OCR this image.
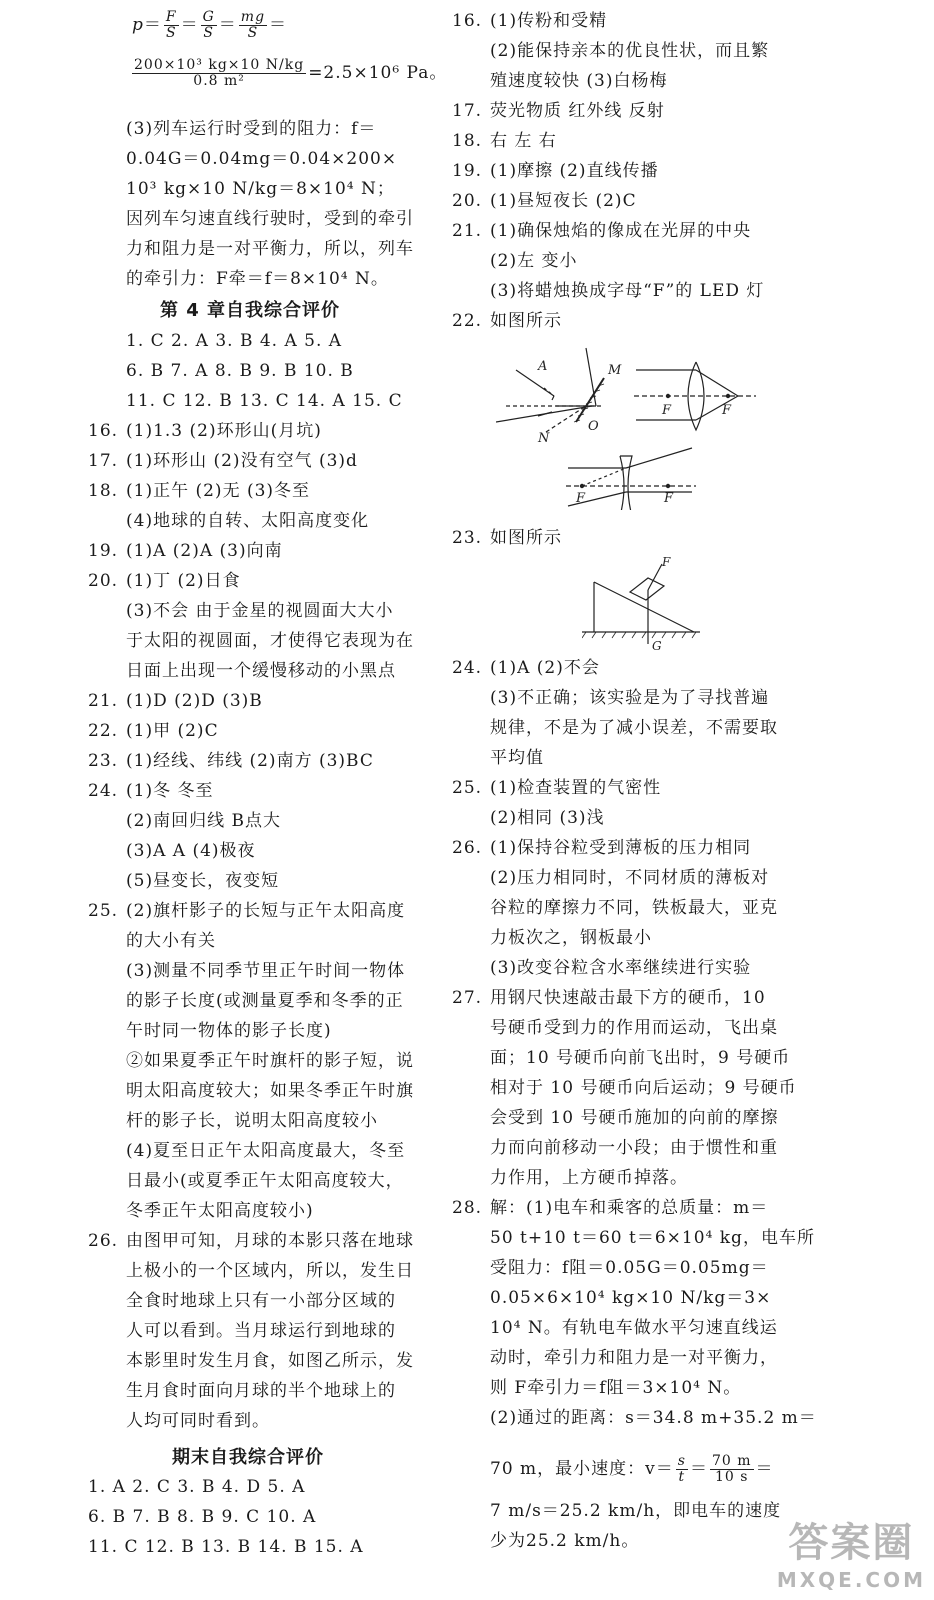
$p= \frac{F}{S} = \frac{G}{S} = \frac{mg}{S}$ ＝
$\frac{\text{200×10³ kg×10 N/kg}}{\text{0.8 m²}} =2.5\times 10^6$ Pa。
(3)列车运行时受到的阻力：f＝
0.04G＝0.04mg＝0.04×200×
10³ kg×10 N/kg＝8×10⁴ N；
因列车匀速直线行驶时，受到的牵引
力和阻力是一对平衡力，所以，列车
的牵引力：F牵＝f＝8×10⁴ N。
第 4 章自我综合评价
1. C 2. A 3. B 4. A 5. A
6. B 7. A 8. B 9. B 10. B
11. C 12. B 13. C 14. A 15. C
16. (1)1.3 (2)环形山(月坑)
17. (1)环形山 (2)没有空气 (3)d
18. (1)正午 (2)无 (3)冬至
(4)地球的自转、太阳高度变化
19. (1)A (2)A (3)向南
20. (1)丁 (2)日食
(3)不会 由于金星的视圆面大大小
于太阳的视圆面，才使得它表现为在
日面上出现一个缓慢移动的小黑点
21. (1)D (2)D (3)B
22. (1)甲 (2)C
23. (1)经线、纬线 (2)南方 (3)BC
24. (1)冬 冬至
(2)南回归线 B点大
(3)A A (4)极夜
(5)昼变长，夜变短
25. (2)旗杆影子的长短与正午太阳高度
的大小有关
(3)测量不同季节里正午时间一物体
的影子长度(或测量夏季和冬季的正
午时同一物体的影子长度)
②如果夏季正午时旗杆的影子短，说
明太阳高度较大；如果冬季正午时旗
杆的影子长，说明太阳高度较小
(4)夏至日正午太阳高度最大，冬至
日最小(或夏季正午太阳高度较大，
冬季正午太阳高度较小)
26. 由图甲可知，月球的本影只落在地球
上极小的一个区域内，所以，发生日
全食时地球上只有一小部分区域的
人可以看到。当月球运行到地球的
本影里时发生月食，如图乙所示，发
生月食时面向月球的半个地球上的
人均可同时看到。
期末自我综合评价
1. A 2. C 3. B 4. D 5. A
6. B 7. B 8. B 9. C 10. A
11. C 12. B 13. B 14. B 15. A
16. (1)传粉和受精
(2)能保持亲本的优良性状，而且繁
殖速度较快 (3)白杨梅
17. 荧光物质 红外线 反射
18. 右 左 右
19. (1)摩擦 (2)直线传播
20. (1)昼短夜长 (2)C
21. (1)确保烛焰的像成在光屏的中央
(2)左 变小
(3)将蜡烛换成字母“F”的 LED 灯
22. 如图所示
A	M
O
N
F	F
F	F
23. 如图所示
F
G
24. (1)A (2)不会
(3)不正确；该实验是为了寻找普遍
规律，不是为了减小误差，不需要取
平均值
25. (1)检查装置的气密性
(2)相同 (3)浅
26. (1)保持谷粒受到薄板的压力相同
(2)压力相同时，不同材质的薄板对
谷粒的摩擦力不同，铁板最大，亚克
力板次之，钢板最小
(3)改变谷粒含水率继续进行实验
27. 用钢尺快速敲击最下方的硬币，10
号硬币受到力的作用而运动，飞出桌
面；10 号硬币向前飞出时，9 号硬币
相对于 10 号硬币向后运动；9 号硬币
会受到 10 号硬币施加的向前的摩擦
力而向前移动一小段；由于惯性和重
力作用，上方硬币掉落。
28. 解：(1)电车和乘客的总质量：m＝
50 t+10 t＝60 t＝6×10⁴ kg，电车所
受阻力：f阻＝0.05G＝0.05mg＝
0.05×6×10⁴ kg×10 N/kg＝3×
10⁴ N。有轨电车做水平匀速直线运
动时，牵引力和阻力是一对平衡力，
则 F牵引力＝f阻＝3×10⁴ N。
(2)通过的距离：s＝34.8 m+35.2 m＝
70 m，最小速度：$v= \frac{s}{t} = \frac{70 m}{10 s}$ ＝
7 m/s＝25.2 km/h，即电车的速度
少为25.2 km/h。	答案圈
MXQE.COM
